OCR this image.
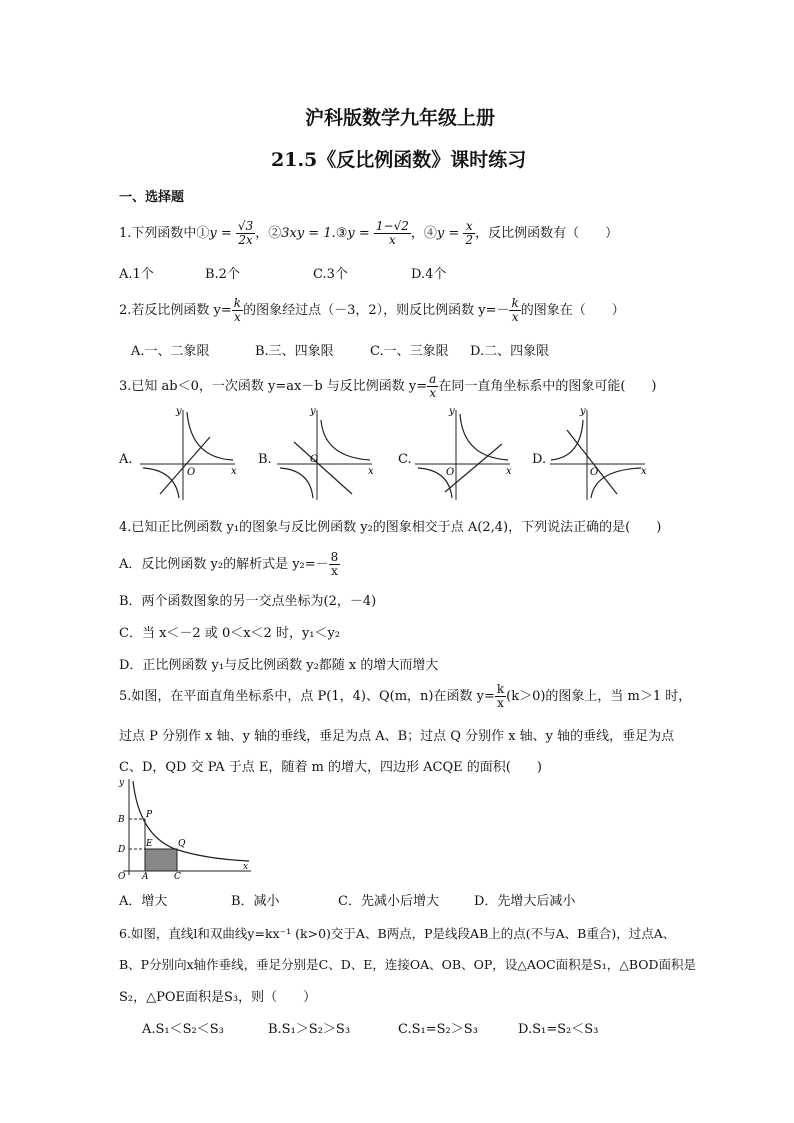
沪科版数学九年级上册
21.5《反比例函数》课时练习
一、选择题
1.下列函数中①y = $\frac{√3}{2x}$ ，②3xy = 1.③y = $\frac{1-√2}{x}$ ，④y = $\frac{x}{2}$ ，反比例函数有（　　）
A.1个	B.2个	C.3个	D.4个
2.若反比例函数 $y= \frac{k}{x}$ 的图象经过点（－3，2），则反比例函数 $y=- \frac{k}{x}$ 的图象在（　　）
A.一、二象限	B.三、四象限	C.一、三象限 D.二、四象限
3.已知 ab＜0，一次函数 y=ax－b 与反比例函数 $y= \frac{a}{x}$ 在同一直角坐标系中的图象可能(　　)
A.
y
x
O
B.
y
x
O	C.
y
x
O
D.
y
x
O
4.已知正比例函数 y₁的图象与反比例函数 y₂的图象相交于点 A(2,4)，下列说法正确的是(　　)
A．反比例函数 y₂的解析式是 $y_2=- \frac{8}{x}$
B．两个函数图象的另一交点坐标为(2，－4)
C．当 x＜－2 或 0＜x＜2 时，y₁＜y₂
D．正比例函数 y₁与反比例函数 y₂都随 x 的增大而增大
5.如图，在平面直角坐标系中，点 P(1，4)、Q(m，n)在函数 $y= \frac{k}{x} (k>0)$的图象上，当 m＞1 时，
过点 P 分别作 x 轴、y 轴的垂线，垂足为点 A、B；过点 Q 分别作 x 轴、y 轴的垂线，垂足为点
C、D，QD 交 PA 于点 E，随着 m 的增大，四边形 ACQE 的面积(　　)
y
B P
E	Q
D
O A	C
x
A．增大	B．减小	C．先减小后增大	D．先增大后减小
6.如图，直线l和双曲线y=kx⁻¹ (k>0)交于A、B两点，P是线段AB上的点(不与A、B重合)，过点A、
B、P分别向x轴作垂线，垂足分别是C、D、E，连接OA、OB、OP，设△AOC面积是S₁，△BOD面积是
S₂，△POE面积是S₃，则（　　）
A.S₁＜S₂＜S₃	B.S₁＞S₂＞S₃	C.S₁=S₂＞S₃	D.S₁=S₂＜S₃
